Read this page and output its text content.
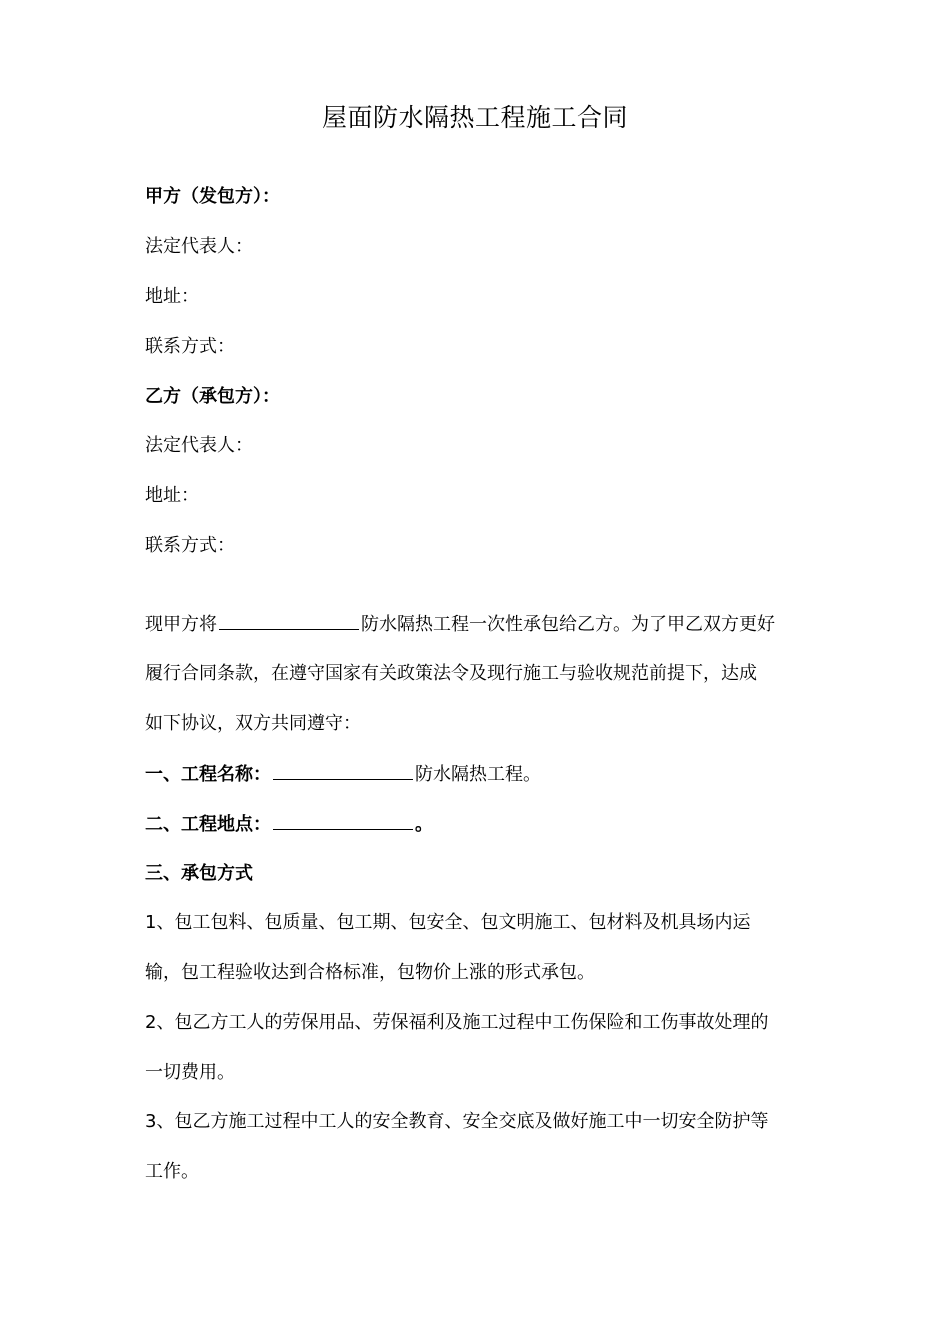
屋面防水隔热工程施工合同
甲方（发包方）：
法定代表人：
地址：
联系方式：
乙方（承包方）：
法定代表人：
地址：
联系方式：
现甲方将	防水隔热工程一次性承包给乙方。为了甲乙双方更好
履行合同条款，在遵守国家有关政策法令及现行施工与验收规范前提下，达成
如下协议，双方共同遵守：
一、工程名称：	防水隔热工程。
二、工程地点：	。
三、承包方式
1、包工包料、包质量、包工期、包安全、包文明施工、包材料及机具场内运
输，包工程验收达到合格标准，包物价上涨的形式承包。
2、包乙方工人的劳保用品、劳保福利及施工过程中工伤保险和工伤事故处理的
一切费用。
3、包乙方施工过程中工人的安全教育、安全交底及做好施工中一切安全防护等
工作。
